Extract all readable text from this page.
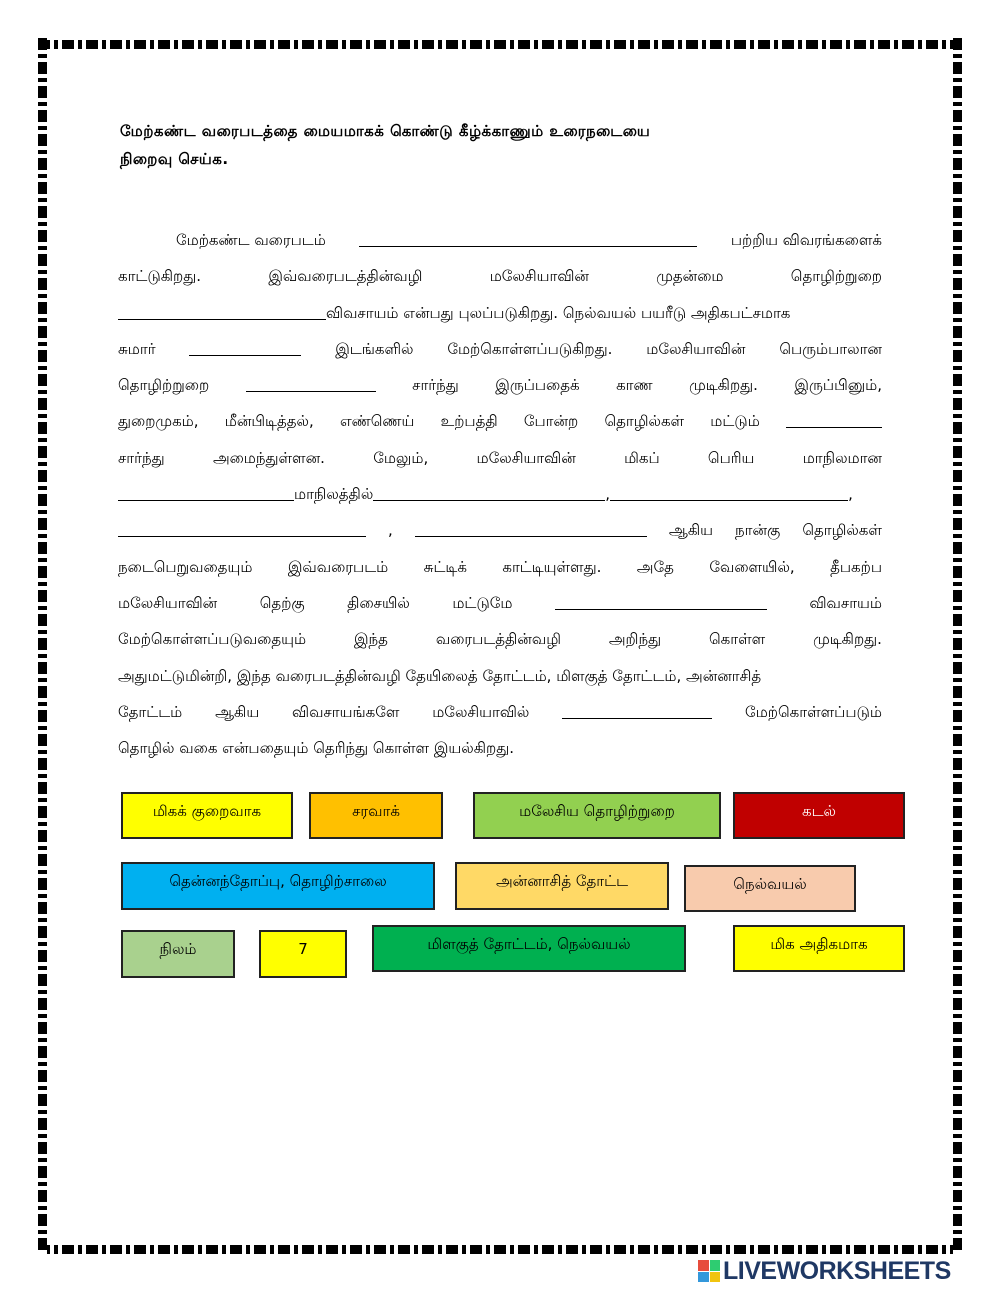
மேற்கண்ட வரைபடத்தை மையமாகக் கொண்டு கீழ்க்காணும் உரைநடையை
நிறைவு செய்க.
மேற்கண்ட வரைபடம்	பற்றிய விவரங்களைக்
காட்டுகிறது.	இவ்வரைபடத்தின்வழி	மலேசியாவின்	முதன்மை	தொழிற்றுறை
விவசாயம் என்பது புலப்படுகிறது. நெல்வயல் பயரீடு அதிகபட்சமாக
சுமார்	இடங்களில் மேற்கொள்ளப்படுகிறது. மலேசியாவின் பெரும்பாலான
தொழிற்றுறை	சார்ந்து இருப்பதைக் காண முடிகிறது. இருப்பினும்,
துறைமுகம், மீன்பிடித்தல், எண்ணெய் உற்பத்தி போன்ற தொழில்கள் மட்டும்
சார்ந்து	அமைந்துள்ளன.	மேலும்,	மலேசியாவின்	மிகப்	பெரிய	மாநிலமான
மாநிலத்தில்	,	,
,	ஆகிய நான்கு தொழில்கள்
நடைபெறுவதையும் இவ்வரைபடம் சுட்டிக் காட்டியுள்ளது. அதே வேளையில், தீபகற்ப
மலேசியாவின்	தெற்கு	திசையில்	மட்டுமே	விவசாயம்
மேற்கொள்ளப்படுவதையும்	இந்த	வரைபடத்தின்வழி	அறிந்து	கொள்ள	முடிகிறது.
அதுமட்டுமின்றி, இந்த வரைபடத்தின்வழி தேயிலைத் தோட்டம், மிளகுத் தோட்டம், அன்னாசித்
தோட்டம் ஆகிய விவசாயங்களே மலேசியாவில்	மேற்கொள்ளப்படும்
தொழில் வகை என்பதையும் தெரிந்து கொள்ள இயல்கிறது.
மிகக் குறைவாக	சரவாக்	மலேசிய தொழிற்றுறை	கடல்
தென்னந்தோப்பு, தொழிற்சாலை	அன்னாசித் தோட்ட	நெல்வயல்
நிலம்	7	மிளகுத் தோட்டம், நெல்வயல்	மிக அதிகமாக
LIVEWORKSHEETS
